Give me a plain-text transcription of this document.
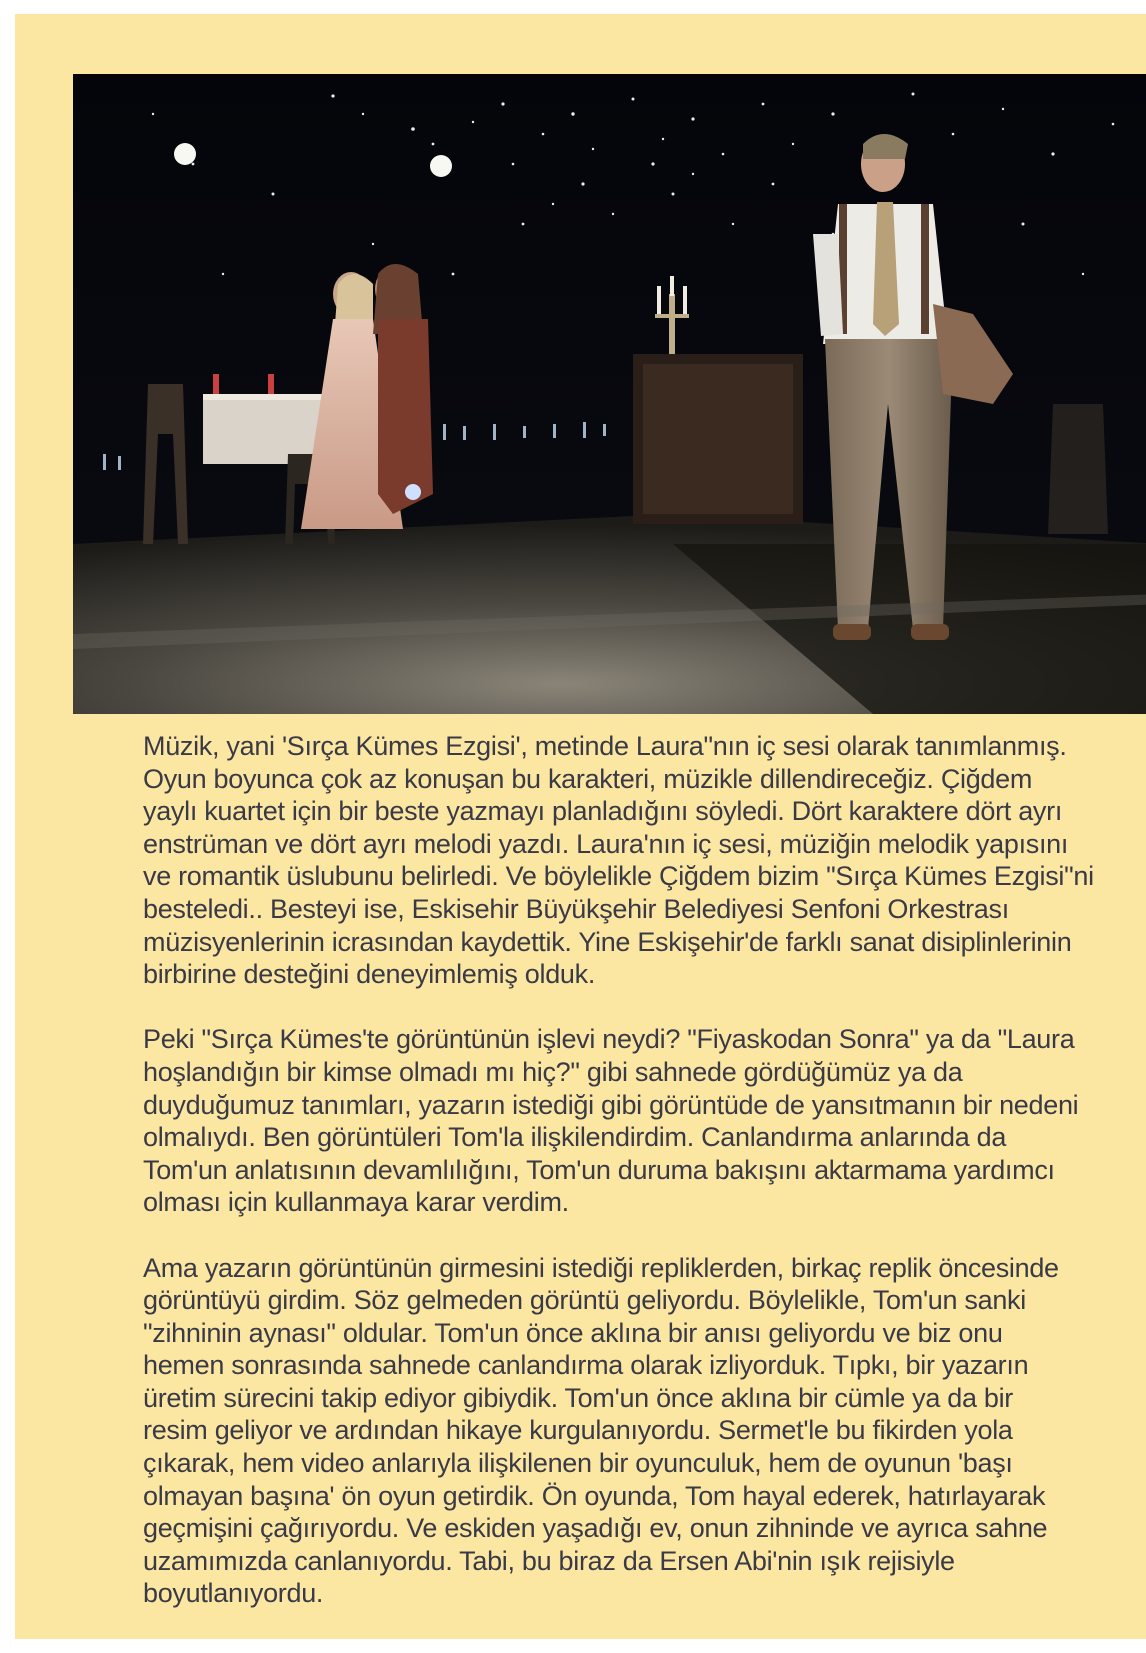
Müzik, yani 'Sırça Kümes Ezgisi', metinde Laura"nın iç sesi olarak tanımlanmış.
Oyun boyunca çok az konuşan bu karakteri, müzikle dillendireceğiz. Çiğdem
yaylı kuartet için bir beste yazmayı planladığını söyledi. Dört karaktere dört ayrı
enstrüman ve dört ayrı melodi yazdı. Laura'nın iç sesi, müziğin melodik yapısını
ve romantik üslubunu belirledi. Ve böylelikle Çiğdem bizim "Sırça Kümes Ezgisi"ni
besteledi.. Besteyi ise, Eskisehir Büyükşehir Belediyesi Senfoni Orkestrası
müzisyenlerinin icrasından kaydettik. Yine Eskişehir'de farklı sanat disiplinlerinin
birbirine desteğini deneyimlemiş olduk.

Peki "Sırça Kümes'te görüntünün işlevi neydi? "Fiyaskodan Sonra" ya da "Laura
hoşlandığın bir kimse olmadı mı hiç?" gibi sahnede gördüğümüz ya da
duyduğumuz tanımları, yazarın istediği gibi görüntüde de yansıtmanın bir nedeni
olmalıydı. Ben görüntüleri Tom'la ilişkilendirdim. Canlandırma anlarında da
Tom'un anlatısının devamlılığını, Tom'un duruma bakışını aktarmama yardımcı
olması için kullanmaya karar verdim.

Ama yazarın görüntünün girmesini istediği repliklerden, birkaç replik öncesinde
görüntüyü girdim. Söz gelmeden görüntü geliyordu. Böylelikle, Tom'un sanki
"zihninin aynası" oldular. Tom'un önce aklına bir anısı geliyordu ve biz onu
hemen sonrasında sahnede canlandırma olarak izliyorduk. Tıpkı, bir yazarın
üretim sürecini takip ediyor gibiydik. Tom'un önce aklına bir cümle ya da bir
resim geliyor ve ardından hikaye kurgulanıyordu. Sermet'le bu fikirden yola
çıkarak, hem video anlarıyla ilişkilenen bir oyunculuk, hem de oyunun 'başı
olmayan başına' ön oyun getirdik. Ön oyunda, Tom hayal ederek, hatırlayarak
geçmişini çağırıyordu. Ve eskiden yaşadığı ev, onun zihninde ve ayrıca sahne
uzamımızda canlanıyordu. Tabi, bu biraz da Ersen Abi'nin ışık rejisiyle
boyutlanıyordu.
